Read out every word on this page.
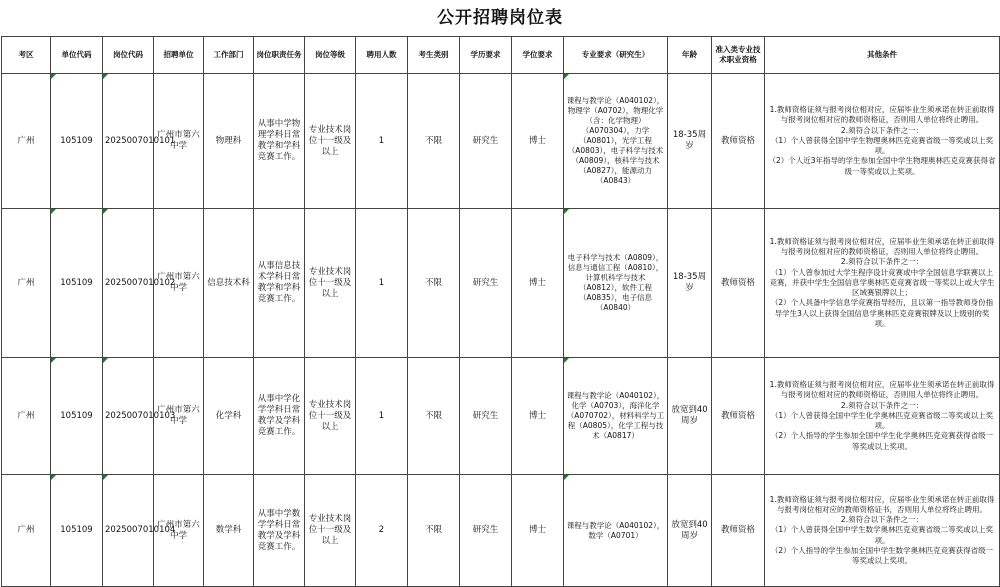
公开招聘岗位表
考区	单位代码	岗位代码	招聘单位	工作部门	岗位职责任务	岗位等级	聘用人数	考生类别	学历要求	学位要求	专业要求（研究生）	年龄	准入类专业技术职业资格	其他条件
广州	105109	2025007010101	广州市第六中学	物理科	从事中学物理学科日常教学和学科竞赛工作。	专业技术岗位十一级及以上	1	不限	研究生	博士	课程与教学论（A040102），物理学（A0702），物理化学（含：化学物理）（A070304），力学（A0801），光学工程（A0803），电子科学与技术（A0809），核科学与技术（A0827），能源动力（A0843）	18-35周岁	教师资格	1.教师资格证须与报考岗位相对应，应届毕业生须承诺在转正前取得与报考岗位相对应的教师资格证，否则用人单位将终止聘用。
2.须符合以下条件之一：
（1）个人曾获得全国中学生物理奥林匹克竞赛省级一等奖或以上奖项。
（2）个人近3年指导的学生参加全国中学生物理奥林匹克竞赛获得省级一等奖或以上奖项。

广州	105109	2025007010102	广州市第六中学	信息技术科	从事信息技术学科日常教学和学科竞赛工作。	专业技术岗位十一级及以上	1	不限	研究生	博士	电子科学与技术（A0809），信息与通信工程（A0810），计算机科学与技术（A0812），软件工程（A0835），电子信息（A0840）	18-35周岁	教师资格	1.教师资格证须与报考岗位相对应，应届毕业生须承诺在转正前取得与报考岗位相对应的教师资格证，否则用人单位将终止聘用。
2.须符合以下条件之一：
（1）个人曾参加过大学生程序设计竞赛或中学全国信息学联赛以上竞赛，并获中学生全国信息学奥林匹克竞赛省级一等奖以上或大学生区域赛银牌以上；
（2）个人具备中学信息学竞赛指导经历，且以第一指导教师身份指导学生3人以上获得全国信息学奥林匹克竞赛银牌及以上级别的奖项。

广州	105109	2025007010103	广州市第六中学	化学科	从事中学化学学科日常教学及学科竞赛工作。	专业技术岗位十一级及以上	1	不限	研究生	博士	课程与教学论（A040102），化学（A0703），海洋化学（A070702），材料科学与工程（A0805），化学工程与技术（A0817）	放宽到40周岁	教师资格	1.教师资格证须与报考岗位相对应，应届毕业生须承诺在转正前取得与报考岗位相对应的教师资格证，否则用人单位将终止聘用。
2.须符合以下条件之一：
（1）个人曾获得全国中学生化学奥林匹克竞赛省级二等奖或以上奖项。
（2）个人指导的学生参加全国中学生化学奥林匹克竞赛获得省级一等奖或以上奖项。

广州	105109	2025007010104	广州市第六中学	数学科	从事中学数学学科日常教学及学科竞赛工作。	专业技术岗位十一级及以上	2	不限	研究生	博士	课程与教学论（A040102），数学（A0701）	放宽到40周岁	教师资格	1.教师资格证须与报考岗位相对应，应届毕业生须承诺在转正前取得与报考岗位相对应的教师资格证书，否则用人单位将终止聘用。
2.须符合以下条件之一：
（1）个人曾获得全国中学生数学奥林匹克竞赛省级二等奖或以上奖项。
（2）个人指导的学生参加全国中学生数学奥林匹克竞赛获得省级一等奖或以上奖项。
